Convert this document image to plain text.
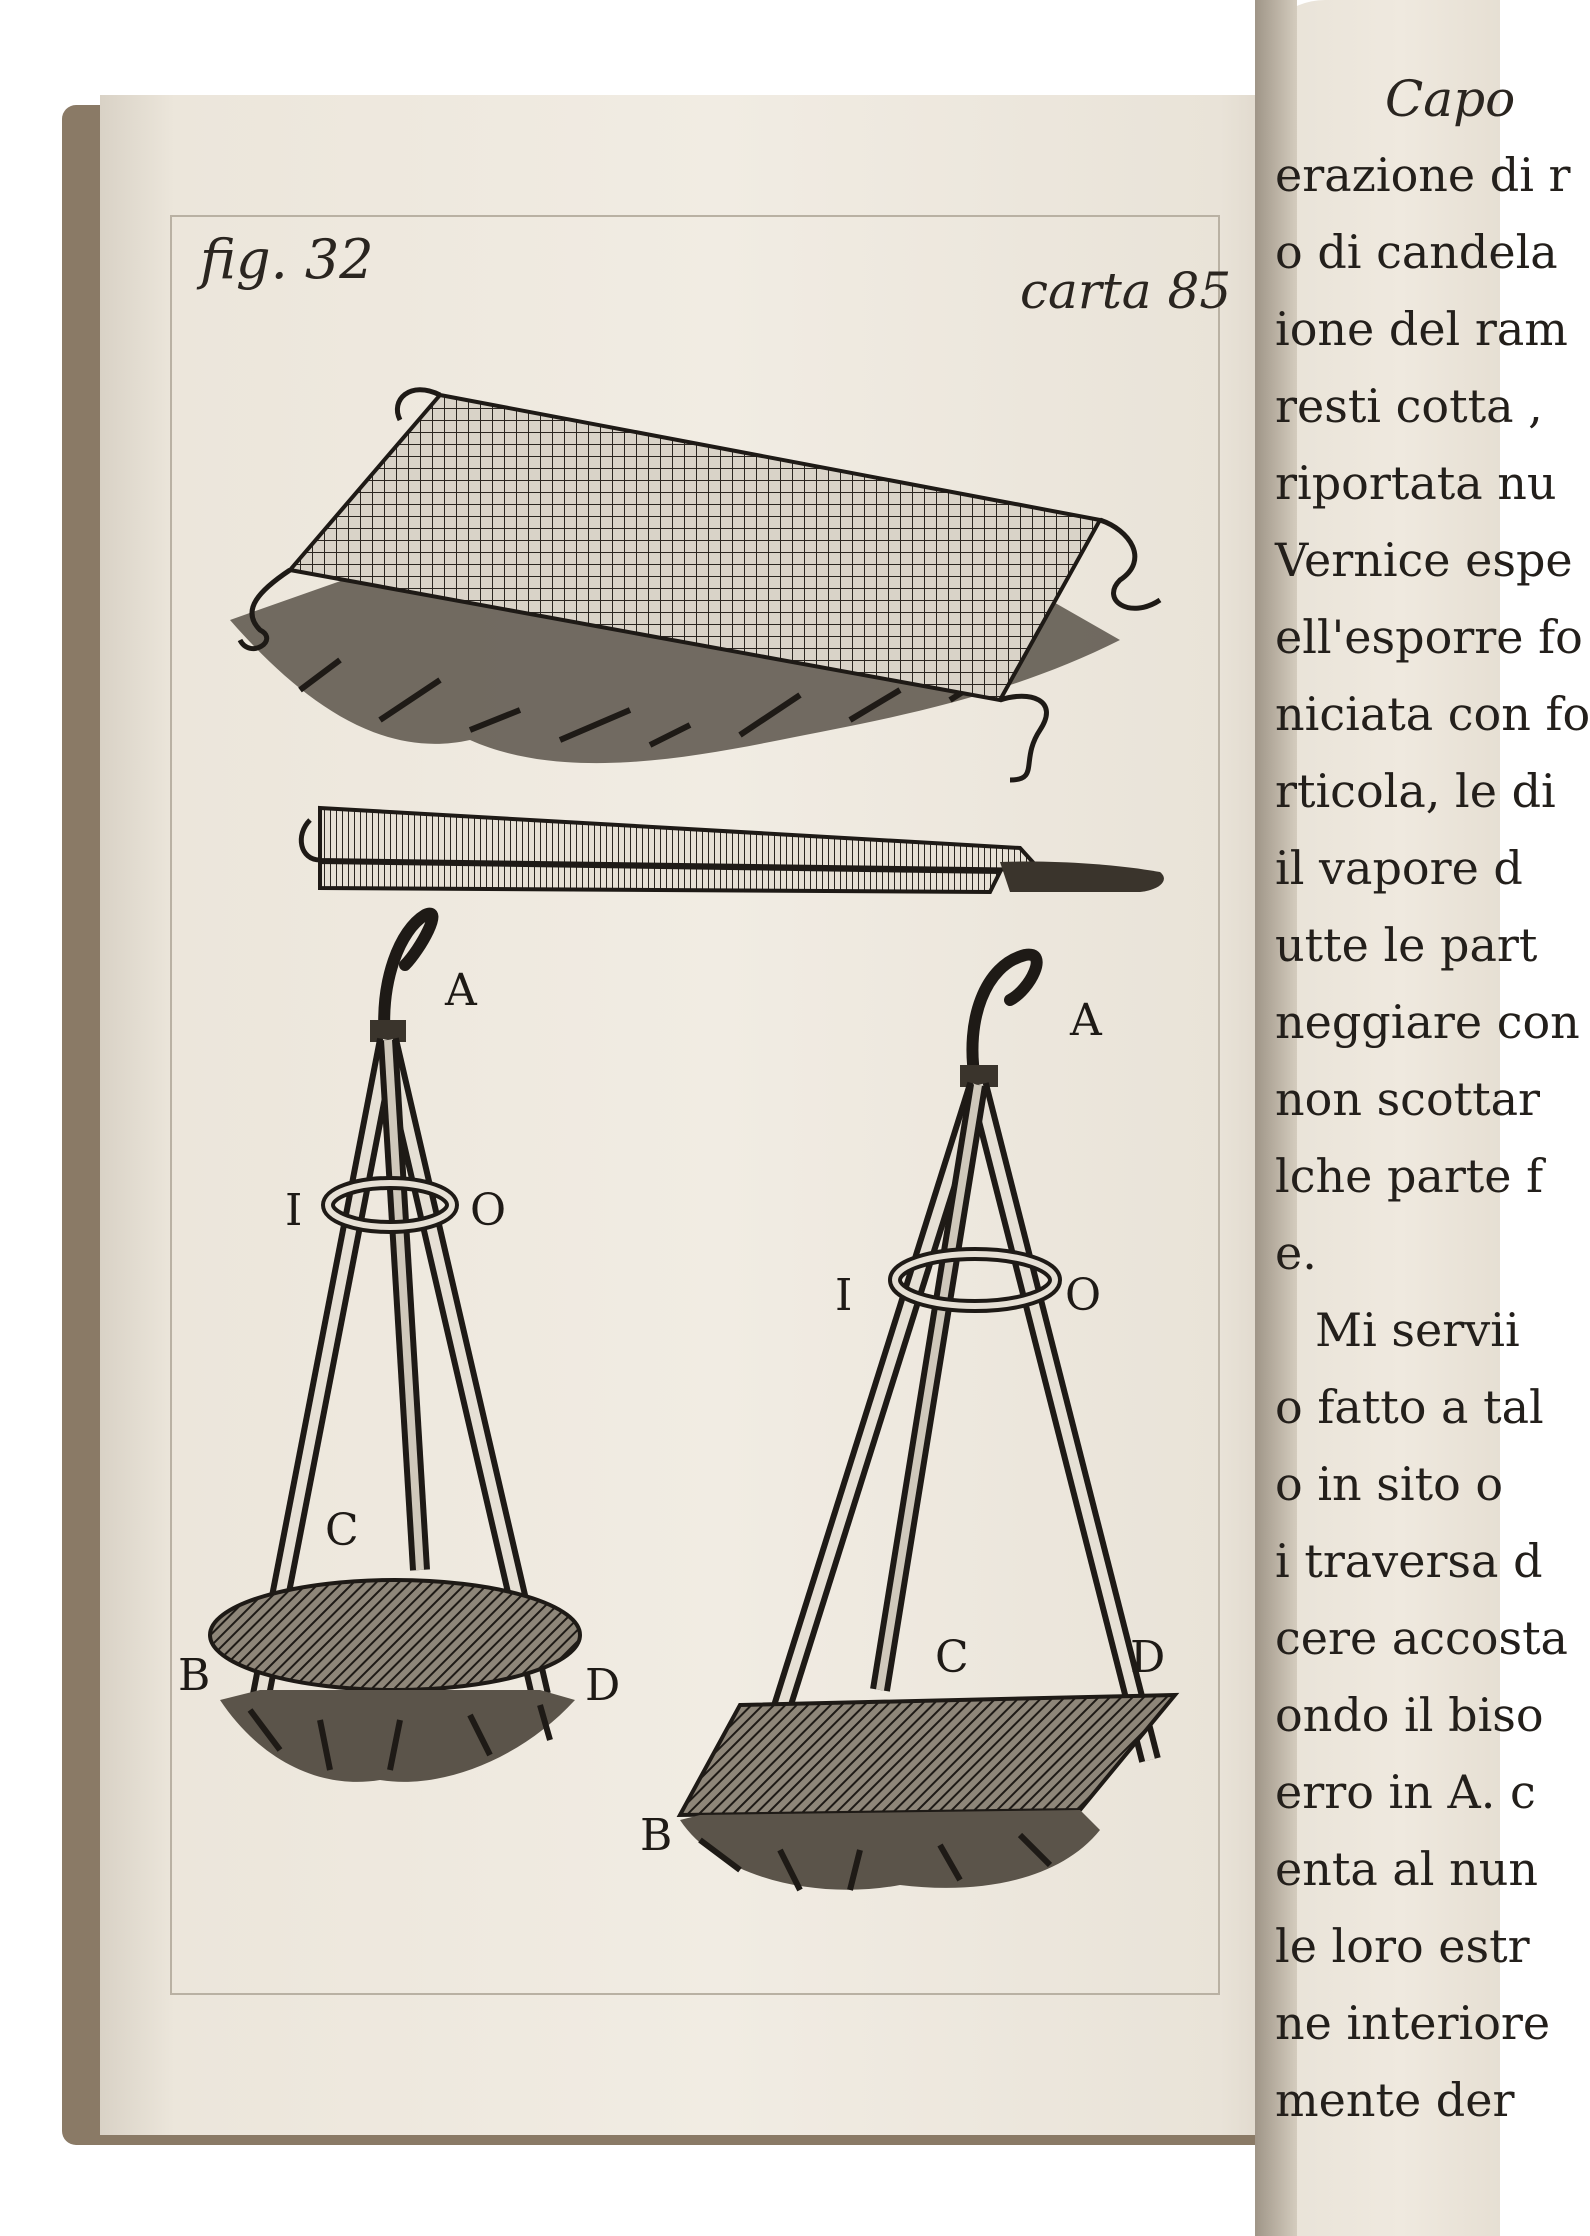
fig. 32	carta 85
A
I	O
C
B	D
A
I	O
C
B
D
Capo
erazione di r
o di candela
ione del ram
resti cotta ,
riportata nu
Vernice espe
ell'esporre fo
niciata con fo
rticola, le di
il vapore d
utte le part
neggiare con
non scottar
lche parte f
e.
Mi servii
o fatto a tal
o in sito o
i traversa d
cere accosta
ondo il biso
erro in A. c
enta al nun
le loro estr
ne interiore
mente der
